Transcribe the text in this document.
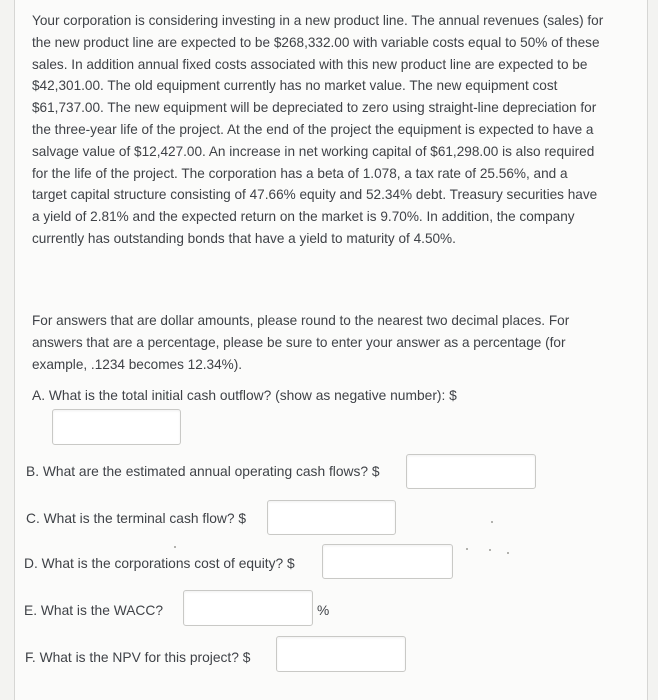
Your corporation is considering investing in a new product line. The annual revenues (sales) for the new product line are expected to be $268,332.00 with variable costs equal to 50% of these sales. In addition annual fixed costs associated with this new product line are expected to be $42,301.00. The old equipment currently has no market value. The new equipment cost $61,737.00. The new equipment will be depreciated to zero using straight-line depreciation for the three-year life of the project. At the end of the project the equipment is expected to have a salvage value of $12,427.00. An increase in net working capital of $61,298.00 is also required for the life of the project. The corporation has a beta of 1.078, a tax rate of 25.56%, and a target capital structure consisting of 47.66% equity and 52.34% debt. Treasury securities have a yield of 2.81% and the expected return on the market is 9.70%. In addition, the company currently has outstanding bonds that have a yield to maturity of 4.50%.

For answers that are dollar amounts, please round to the nearest two decimal places. For answers that are a percentage, please be sure to enter your answer as a percentage (for example, .1234 becomes 12.34%).

A. What is the total initial cash outflow? (show as negative number): $
B. What are the estimated annual operating cash flows? $
C. What is the terminal cash flow? $
D. What is the corporations cost of equity? $
E. What is the WACC?	%
F. What is the NPV for this project? $
